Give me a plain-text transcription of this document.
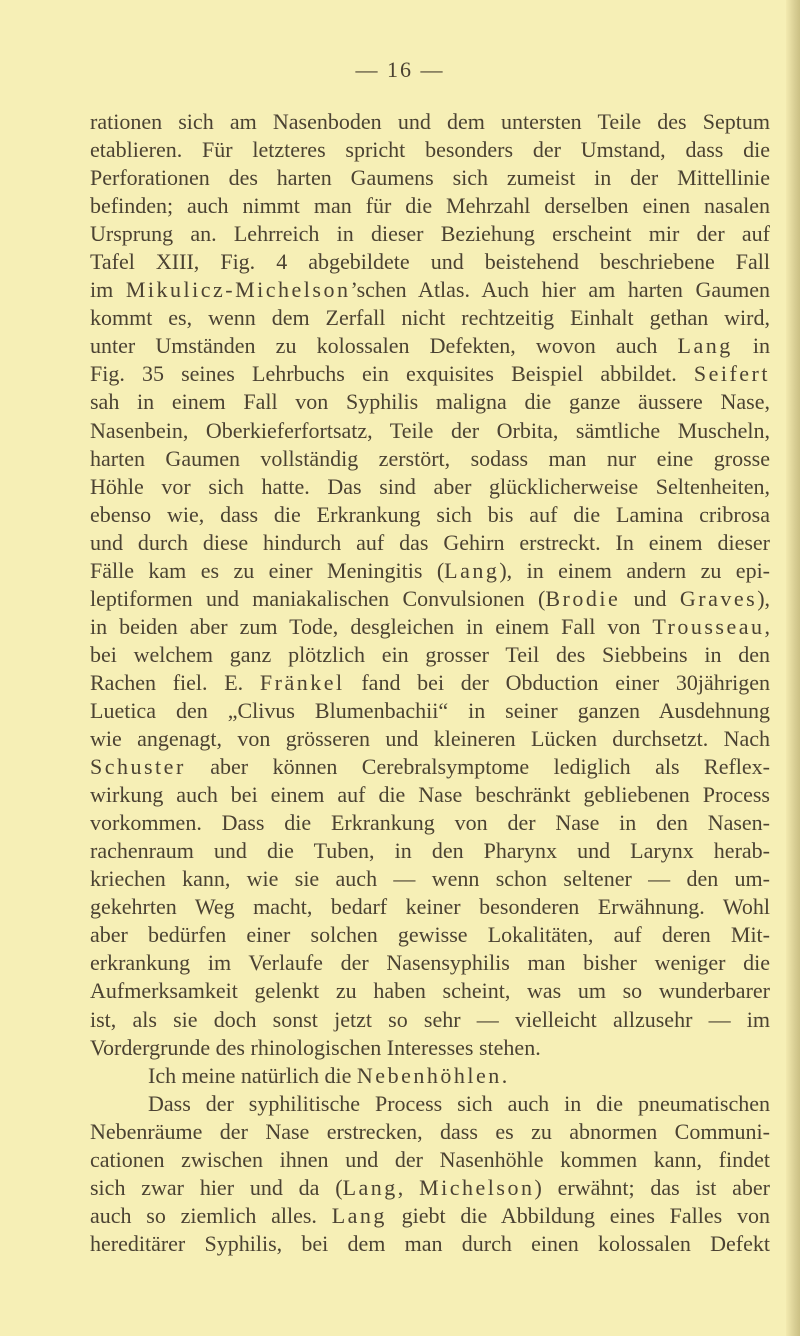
— 16 —
rationen sich am Nasenboden und dem untersten Teile des Septum
etablieren. Für letzteres spricht besonders der Umstand, dass die
Perforationen des harten Gaumens sich zumeist in der Mittellinie
befinden; auch nimmt man für die Mehrzahl derselben einen nasalen
Ursprung an. Lehrreich in dieser Beziehung erscheint mir der auf
Tafel XIII, Fig. 4 abgebildete und beistehend beschriebene Fall
im Mikulicz-Michelson’schen Atlas. Auch hier am harten Gaumen
kommt es, wenn dem Zerfall nicht rechtzeitig Einhalt gethan wird,
unter Umständen zu kolossalen Defekten, wovon auch Lang in
Fig. 35 seines Lehrbuchs ein exquisites Beispiel abbildet. Seifert
sah in einem Fall von Syphilis maligna die ganze äussere Nase,
Nasenbein, Oberkieferfortsatz, Teile der Orbita, sämtliche Muscheln,
harten Gaumen vollständig zerstört, sodass man nur eine grosse
Höhle vor sich hatte. Das sind aber glücklicherweise Seltenheiten,
ebenso wie, dass die Erkrankung sich bis auf die Lamina cribrosa
und durch diese hindurch auf das Gehirn erstreckt. In einem dieser
Fälle kam es zu einer Meningitis (Lang), in einem andern zu epi-
leptiformen und maniakalischen Convulsionen (Brodie und Graves),
in beiden aber zum Tode, desgleichen in einem Fall von Trousseau,
bei welchem ganz plötzlich ein grosser Teil des Siebbeins in den
Rachen fiel. E. Fränkel fand bei der Obduction einer 30jährigen
Luetica den „Clivus Blumenbachii“ in seiner ganzen Ausdehnung
wie angenagt, von grösseren und kleineren Lücken durchsetzt. Nach
Schuster aber können Cerebralsymptome lediglich als Reflex-
wirkung auch bei einem auf die Nase beschränkt gebliebenen Process
vorkommen. Dass die Erkrankung von der Nase in den Nasen-
rachenraum und die Tuben, in den Pharynx und Larynx herab-
kriechen kann, wie sie auch — wenn schon seltener — den um-
gekehrten Weg macht, bedarf keiner besonderen Erwähnung. Wohl
aber bedürfen einer solchen gewisse Lokalitäten, auf deren Mit-
erkrankung im Verlaufe der Nasensyphilis man bisher weniger die
Aufmerksamkeit gelenkt zu haben scheint, was um so wunderbarer
ist, als sie doch sonst jetzt so sehr — vielleicht allzusehr — im
Vordergrunde des rhinologischen Interesses stehen.
Ich meine natürlich die Nebenhöhlen.
Dass der syphilitische Process sich auch in die pneumatischen
Nebenräume der Nase erstrecken, dass es zu abnormen Communi-
cationen zwischen ihnen und der Nasenhöhle kommen kann, findet
sich zwar hier und da (Lang, Michelson) erwähnt; das ist aber
auch so ziemlich alles. Lang giebt die Abbildung eines Falles von
hereditärer Syphilis, bei dem man durch einen kolossalen Defekt
